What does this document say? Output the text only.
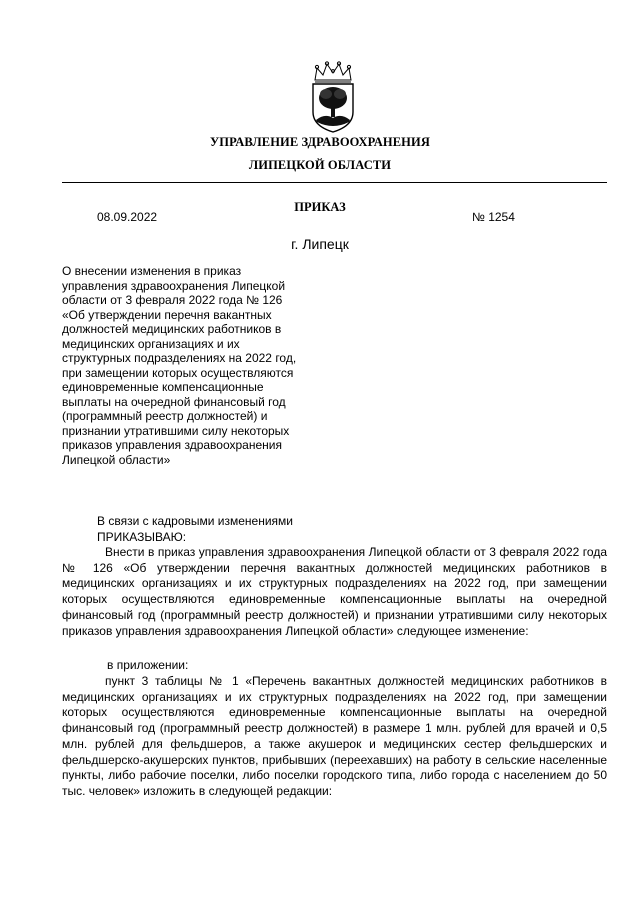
УПРАВЛЕНИЕ ЗДРАВООХРАНЕНИЯ
ЛИПЕЦКОЙ ОБЛАСТИ
ПРИКАЗ
08.09.2022	№ 1254
г. Липецк
О внесении изменения в приказ
управления здравоохранения Липецкой
области от 3 февраля 2022 года № 126
«Об утверждении перечня вакантных
должностей медицинских работников в
медицинских организациях и их
структурных подразделениях на 2022 год,
при замещении которых осуществляются
единовременные компенсационные
выплаты на очередной финансовый год
(программный реестр должностей) и
признании утратившими силу некоторых
приказов управления здравоохранения
Липецкой области»
В связи с кадровыми изменениями
ПРИКАЗЫВАЮ:
Внести в приказ управления здравоохранения Липецкой области от 3 февраля 2022 года № 126 «Об утверждении перечня вакантных должностей медицинских работников в медицинских организациях и их структурных подразделениях на 2022 год, при замещении которых осуществляются единовременные компенсационные выплаты на очередной финансовый год (программный реестр должностей) и признании утратившими силу некоторых приказов управления здравоохранения Липецкой области» следующее изменение:
в приложении:
пункт 3 таблицы № 1 «Перечень вакантных должностей медицинских работников в медицинских организациях и их структурных подразделениях на 2022 год, при замещении которых осуществляются единовременные компенсационные выплаты на очередной финансовый год (программный реестр должностей) в размере 1 млн. рублей для врачей и 0,5 млн. рублей для фельдшеров, а также акушерок и медицинских сестер фельдшерских и фельдшерско-акушерских пунктов, прибывших (переехавших) на работу в сельские населенные пункты, либо рабочие поселки, либо поселки городского типа, либо города с населением до 50 тыс. человек» изложить в следующей редакции:
